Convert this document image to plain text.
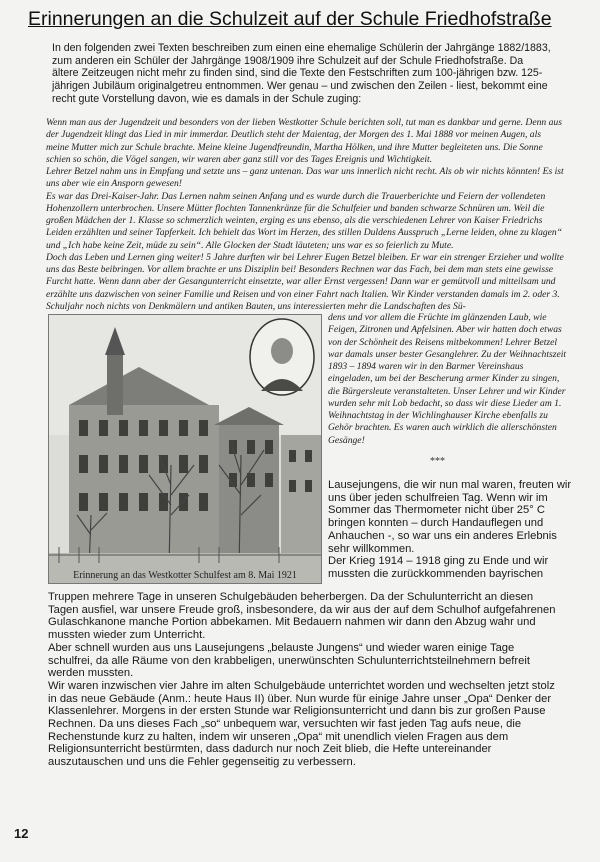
Erinnerungen an die Schulzeit auf der Schule Friedhofstraße
In den folgenden zwei Texten beschreiben zum einen eine ehemalige Schülerin der Jahrgänge 1882/1883, zum anderen ein Schüler der Jahrgänge 1908/1909 ihre Schulzeit auf der Schule Friedhofstraße. Da ältere Zeitzeugen nicht mehr zu finden sind, sind die Texte den Festschriften zum 100-jährigen bzw. 125-jährigen Jubiläum originalgetreu entnommen. Wer genau – und zwischen den Zeilen - liest, bekommt eine recht gute Vorstellung davon, wie es damals in der Schule zuging:

Wenn man aus der Jugendzeit und besonders von der lieben Westkotter Schule berichten soll, tut man es dankbar und gerne. Denn aus der Jugendzeit klingt das Lied in mir immerdar. Deutlich steht der Maientag, der Morgen des 1. Mai 1888 vor meinen Augen, als meine Mutter mich zur Schule brachte. Meine kleine Jugendfreundin, Martha Hölken, und ihre Mutter begleiteten uns. Die Sonne schien so schön, die Vögel sangen, wir waren aber ganz still vor des Tages Ereignis und Wichtigkeit.

Lehrer Betzel nahm uns in Empfang und setzte uns – ganz untenan. Das war uns innerlich nicht recht. Als ob wir nichts könnten! Es ist uns aber wie ein Ansporn gewesen!

Es war das Drei-Kaiser-Jahr. Das Lernen nahm seinen Anfang und es wurde durch die Trauerberichte und Feiern der vollendeten Hohenzollern unterbrochen. Unsere Mütter flochten Tannenkränze für die Schulfeier und banden schwarze Schnüren um. Weil die großen Mädchen der 1. Klasse so schmerzlich weinten, erging es uns ebenso, als die verschiedenen Lehrer von Kaiser Friedrichs Leiden erzählten und seiner Tapferkeit. Ich behielt das Wort im Herzen, des stillen Duldens Ausspruch „Lerne leiden, ohne zu klagen“ und „Ich habe keine Zeit, müde zu sein“. Alle Glocken der Stadt läuteten; uns war es so feierlich zu Mute.

Doch das Leben und Lernen ging weiter! 5 Jahre durften wir bei Lehrer Eugen Betzel bleiben. Er war ein strenger Erzieher und wollte uns das Beste beibringen. Vor allem brachte er uns Disziplin bei! Besonders Rechnen war das Fach, bei dem man stets eine gewisse Furcht hatte. Wenn dann aber der Gesangunterricht einsetzte, war aller Ernst vergessen! Dann war er gemütvoll und mitteilsam und erzählte uns dazwischen von seiner Familie und Reisen und von einer Fahrt nach Italien. Wir Kinder verstanden damals im 2. oder 3. Schuljahr noch nichts von Denkmälern und antiken Bauten, uns interessierten mehr die Landschaften des Sü-

Erinnerung an das Westkotter Schulfest am 8. Mai 1921

dens und vor allem die Früchte im glänzenden Laub, wie Feigen, Zitronen und Apfelsinen. Aber wir hatten doch etwas von der Schönheit des Reisens mitbekommen! Lehrer Betzel war damals unser bester Gesanglehrer. Zu der Weihnachtszeit 1893 – 1894 waren wir in den Barmer Vereinshaus eingeladen, um bei der Bescherung armer Kinder zu singen, die Bürgersleute veranstalteten. Unser Lehrer und wir Kinder wurden sehr mit Lob bedacht, so dass wir diese Lieder am 1. Weihnachtstag in der Wichlinghauser Kirche ebenfalls zu Gehör brachten. Es waren auch wirklich die allerschönsten Gesänge!

***

Lausejungens, die wir nun mal waren, freuten wir uns über jeden schulfreien Tag. Wenn wir im Sommer das Thermometer nicht über 25° C bringen konnten – durch Handauflegen und Anhauchen -, so war uns ein anderes Erlebnis sehr willkommen.

Der Krieg 1914 – 1918 ging zu Ende und wir mussten die zurückkommenden bayrischen

Truppen mehrere Tage in unseren Schulgebäuden beherbergen. Da der Schulunterricht an diesen Tagen ausfiel, war unsere Freude groß, insbesondere, da wir aus der auf dem Schulhof aufgefahrenen Gulaschkanone manche Portion abbekamen. Mit Bedauern nahmen wir dann den Abzug wahr und mussten wieder zum Unterricht.

Aber schnell wurden aus uns Lausejungens „belauste Jungens“ und wieder waren einige Tage schulfrei, da alle Räume von den krabbeligen, unerwünschten Schulunterrichtsteilnehmern befreit werden mussten.

Wir waren inzwischen vier Jahre im alten Schulgebäude unterrichtet worden und wechselten jetzt stolz in das neue Gebäude (Anm.: heute Haus II) über. Nun wurde für einige Jahre unser „Opa“ Denker der Klassenlehrer. Morgens in der ersten Stunde war Religionsunterricht und dann bis zur großen Pause Rechnen. Da uns dieses Fach „so“ unbequem war, versuchten wir fast jeden Tag aufs neue, die Rechenstunde kurz zu halten, indem wir unseren „Opa“ mit unendlich vielen Fragen aus dem Religionsunterricht bestürmten, dass dadurch nur noch Zeit blieb, die Hefte untereinander auszutauschen und uns die Fehler gegenseitig zu verbessern.

12
